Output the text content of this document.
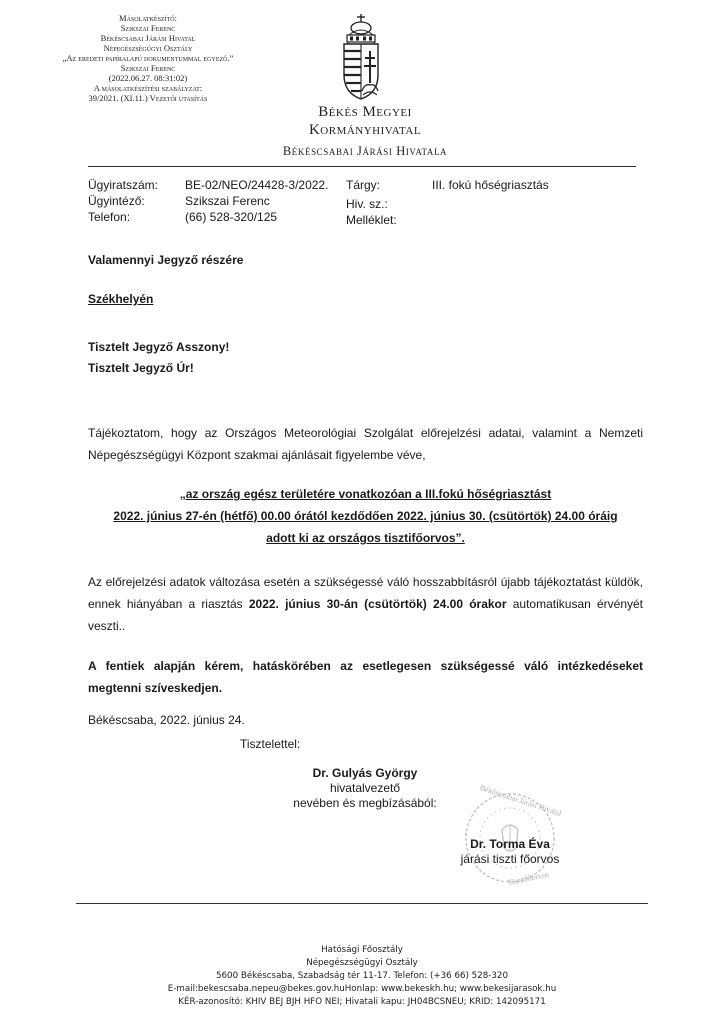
Másolatkészítő:
Szikszai Ferenc
Békéscsabai Járási Hivatal
Népegészségügyi Osztály
„Az eredeti papíralapú dokumentummal egyező.”
Szikszai Ferenc
(2022.06.27. 08:31:02)
A másolatkészítési szabályzat:
39/2021. (XI.11.) Vezetői utasítás
Békés Megyei
Kormányhivatal
Békéscsabai Járási Hivatala
Ügyiratszám: BE-02/NEO/24428-3/2022.
Ügyintéző:	Szikszai Ferenc
Telefon:	(66) 528-320/125
Tárgy:	III. fokú hőségriasztás
Hiv. sz.:
Melléklet:
Valamennyi Jegyző részére
Székhelyén
Tisztelt Jegyző Asszony!
Tisztelt Jegyző Úr!
Tájékoztatom, hogy az Országos Meteorológiai Szolgálat előrejelzési adatai, valamint a Nemzeti Népegészségügyi Központ szakmai ajánlásait figyelembe véve,
„az ország egész területére vonatkozóan a III.fokú hőségriasztást
2022. június 27-én (hétfő) 00.00 órától kezdődően 2022. június 30. (csütörtök) 24.00 óráig
adott ki az országos tisztifőorvos”.
Az előrejelzési adatok változása esetén a szükségessé váló hosszabbításról újabb tájékoztatást küldök, ennek hiányában a riasztás 2022. június 30-án (csütörtök) 24.00 órakor automatikusan érvényét veszti..
A fentiek alapján kérem, hatáskörében az esetlegesen szükségessé váló intézkedéseket megtenni szíveskedjen.
Békéscsaba, 2022. június 24.
Tisztelettel:
Dr. Gulyás György
hivatalvezető
nevében és megbízásából:	Békéscsabai Járási Hivatal
Tisztifőorvos
Dr. Torma Éva
járási tiszti főorvos
Hatósági Főosztály
Népegészségügyi Osztály
5600 Békéscsaba, Szabadság tér 11-17. Telefon: (+36 66) 528-320
E-mail:bekescsaba.nepeu@bekes.gov.huHonlap: www.bekeskh.hu; www.bekesijarasok.hu
KÉR-azonosító: KHIV BEJ BJH HFO NEI; Hivatali kapu: JH04BCSNEU; KRID: 142095171
